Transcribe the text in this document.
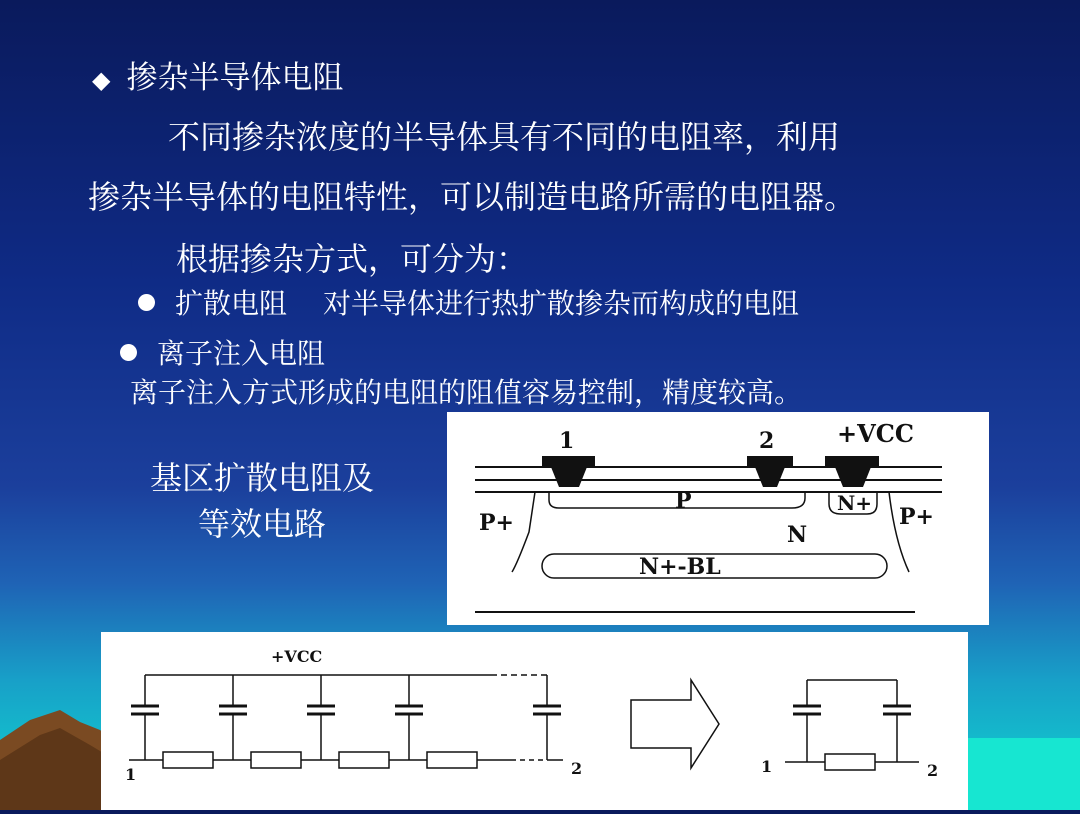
◆ 掺杂半导体电阻
不同掺杂浓度的半导体具有不同的电阻率，利用
掺杂半导体的电阻特性，可以制造电路所需的电阻器。
根据掺杂方式，可分为：
扩散电阻 对半导体进行热扩散掺杂而构成的电阻
离子注入电阻
离子注入方式形成的电阻的阻值容易控制，精度较高。
基区扩散电阻及
等效电路
1	2	+VCC
P	N+
P+	P+
N
N+-BL
+VCC
1	2	1	2
